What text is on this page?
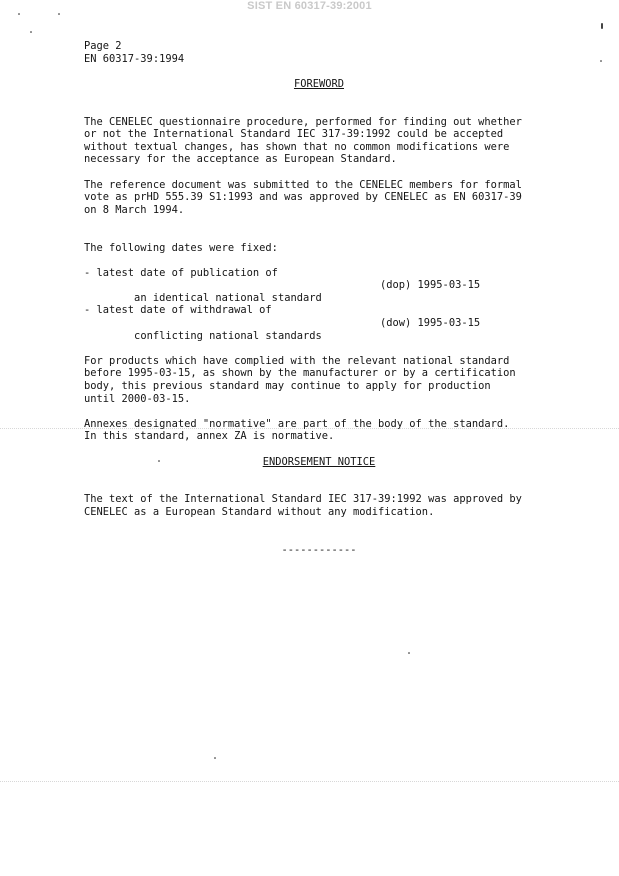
SIST EN 60317-39:2001
Page 2
EN 60317-39:1994
FOREWORD
The CENELEC questionnaire procedure, performed for finding out whether
or not the International Standard IEC 317-39:1992 could be accepted
without textual changes, has shown that no common modifications were
necessary for the acceptance as European Standard.
The reference document was submitted to the CENELEC members for formal
vote as prHD 555.39 S1:1993 and was approved by CENELEC as EN 60317-39
on 8 March 1994.
The following dates were fixed:
- latest date of publication of

an identical national standard

(dop) 1995-03-15

- latest date of withdrawal of

conflicting national standards

(dow) 1995-03-15

For products which have complied with the relevant national standard
before 1995-03-15, as shown by the manufacturer or by a certification
body, this previous standard may continue to apply for production
until 2000-03-15.
Annexes designated "normative" are part of the body of the standard.
In this standard, annex ZA is normative.
ENDORSEMENT NOTICE
The text of the International Standard IEC 317-39:1992 was approved by
CENELEC as a European Standard without any modification.
------------
